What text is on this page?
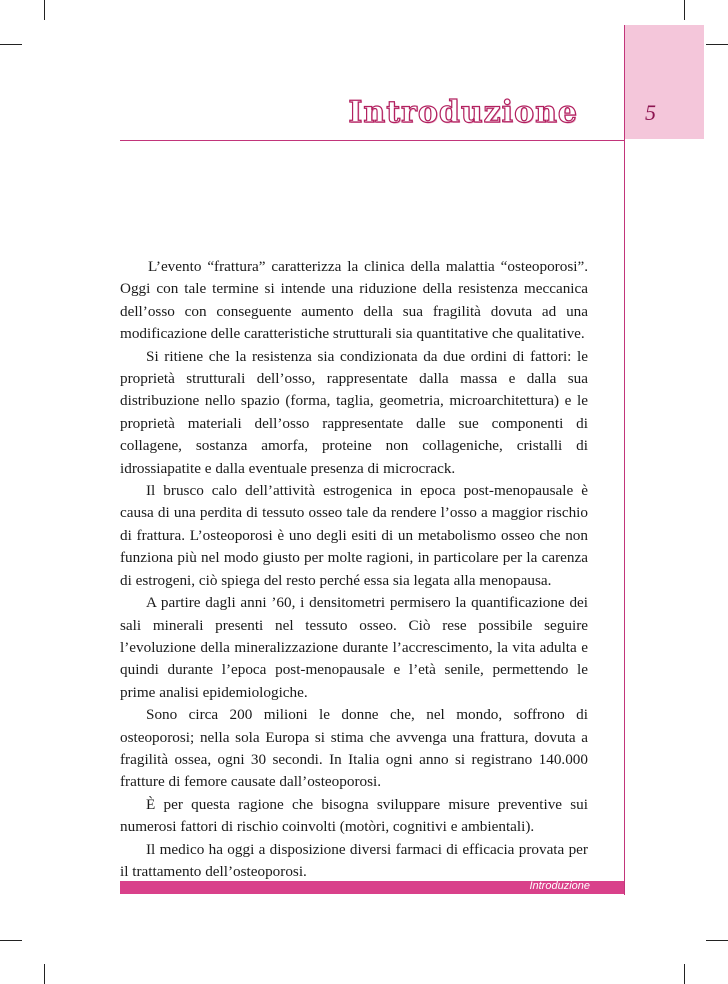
5
Introduzione

L’evento “frattura” caratterizza la clinica della malattia “osteoporosi”. Oggi con tale termine si intende una riduzione della resistenza meccanica dell’osso con conseguente aumento della sua fragilità dovuta ad una modificazione delle caratteristiche strutturali sia quantitative che qualitative.

Si ritiene che la resistenza sia condizionata da due ordini di fattori: le proprietà strutturali dell’osso, rappresentate dalla massa e dalla sua distribuzione nello spazio (forma, taglia, geometria, microarchitettura) e le proprietà materiali dell’osso rappresentate dalle sue componenti di collagene, sostanza amorfa, proteine non collageniche, cristalli di idrossiapatite e dalla eventuale presenza di microcrack.

Il brusco calo dell’attività estrogenica in epoca post-menopausale è causa di una perdita di tessuto osseo tale da rendere l’osso a maggior rischio di frattura. L’osteoporosi è uno degli esiti di un metabolismo osseo che non funziona più nel modo giusto per molte ragioni, in particolare per la carenza di estrogeni, ciò spiega del resto perché essa sia legata alla menopausa.

A partire dagli anni ’60, i densitometri permisero la quantificazione dei sali minerali presenti nel tessuto osseo. Ciò rese possibile seguire l’evoluzione della mineralizzazione durante l’accrescimento, la vita adulta e quindi durante l’epoca post-menopausale e l’età senile, permettendo le prime analisi epidemiologiche.

Sono circa 200 milioni le donne che, nel mondo, soffrono di osteoporosi; nella sola Europa si stima che avvenga una frattura, dovuta a fragilità ossea, ogni 30 secondi. In Italia ogni anno si registrano 140.000 fratture di femore causate dall’osteoporosi.

È per questa ragione che bisogna sviluppare misure preventive sui numerosi fattori di rischio coinvolti (motòri, cognitivi e ambientali).

Il medico ha oggi a disposizione diversi farmaci di efficacia provata per il trattamento dell’osteoporosi.

Introduzione
